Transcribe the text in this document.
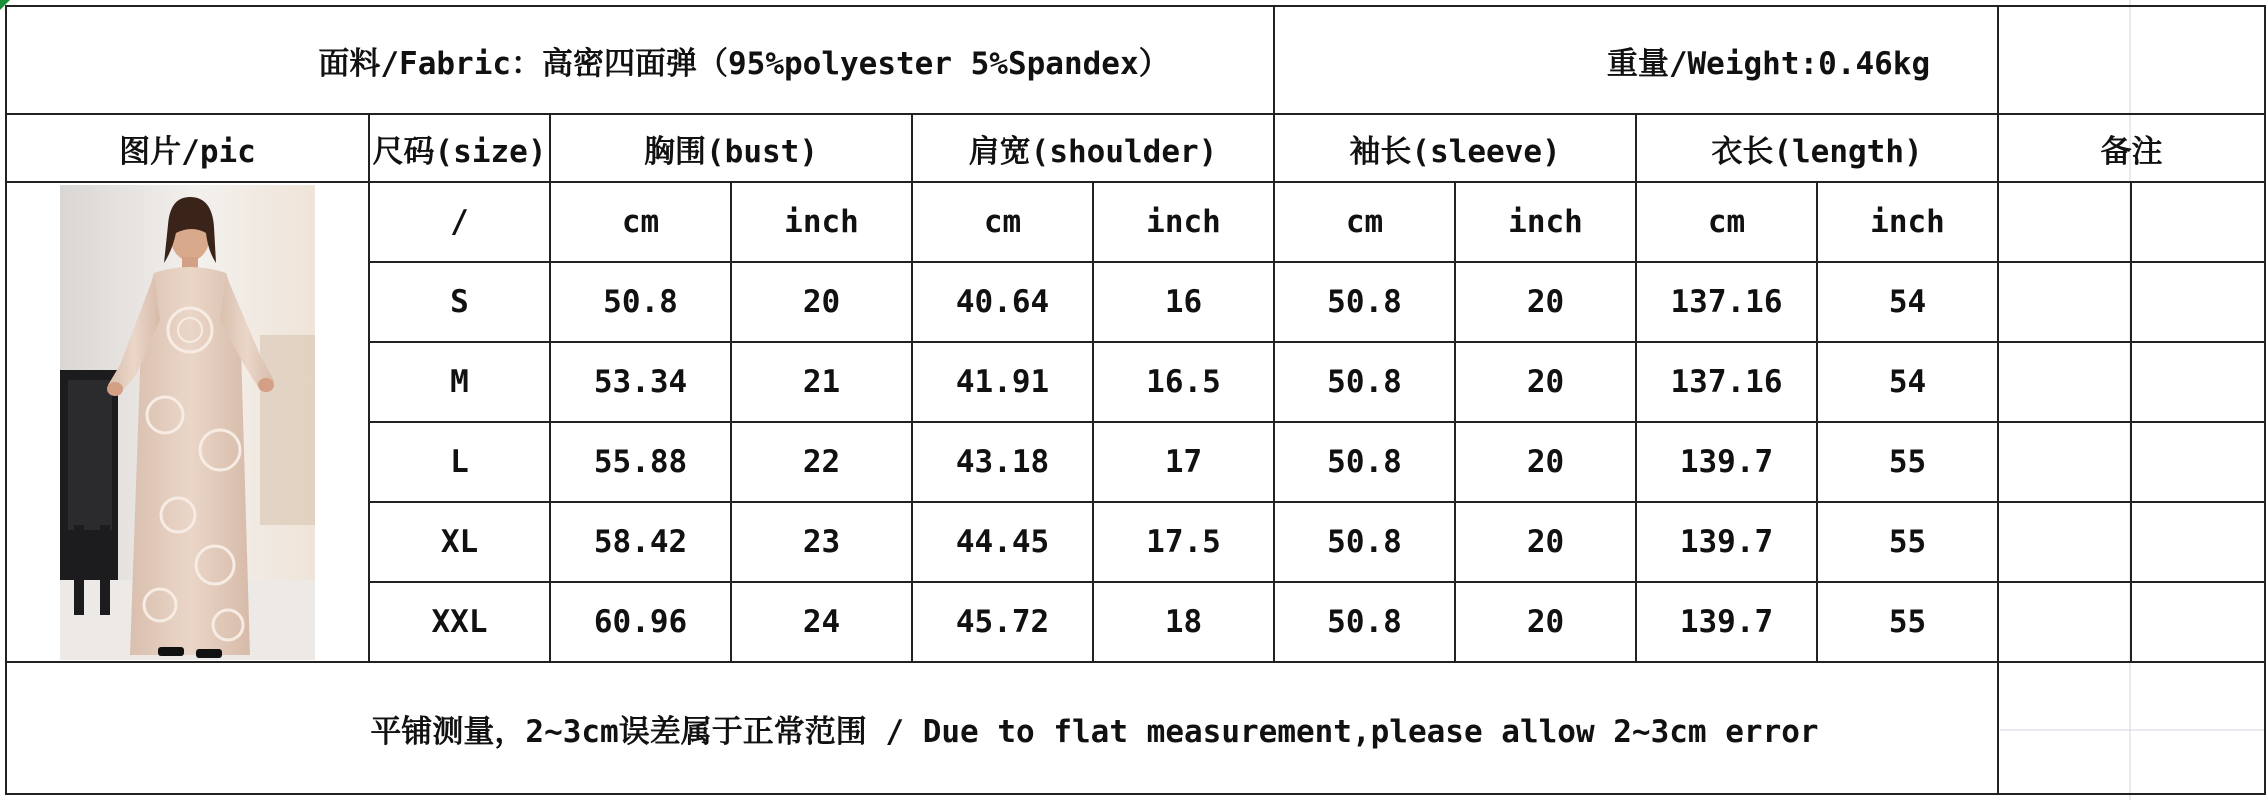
面料/Fabric：高密四面弹（95%polyester 5%Spandex）						重量/Weight:0.46kg					
图片/pic	尺码(size)	胸围(bust)		肩宽(shoulder)		袖长(sleeve)		衣长(length)		备注	

	/	cm	inch	cm	inch	cm	inch	cm	inch		
	S	50.8	20	40.64	16	50.8	20	137.16	54		
	M	53.34	21	41.91	16.5	50.8	20	137.16	54		
	L	55.88	22	43.18	17	50.8	20	139.7	55		
	XL	58.42	23	44.45	17.5	50.8	20	139.7	55		
	XXL	60.96	24	45.72	18	50.8	20	139.7	55		
平铺测量，2~3cm误差属于正常范围 / Due to flat measurement,please allow 2~3cm error											
